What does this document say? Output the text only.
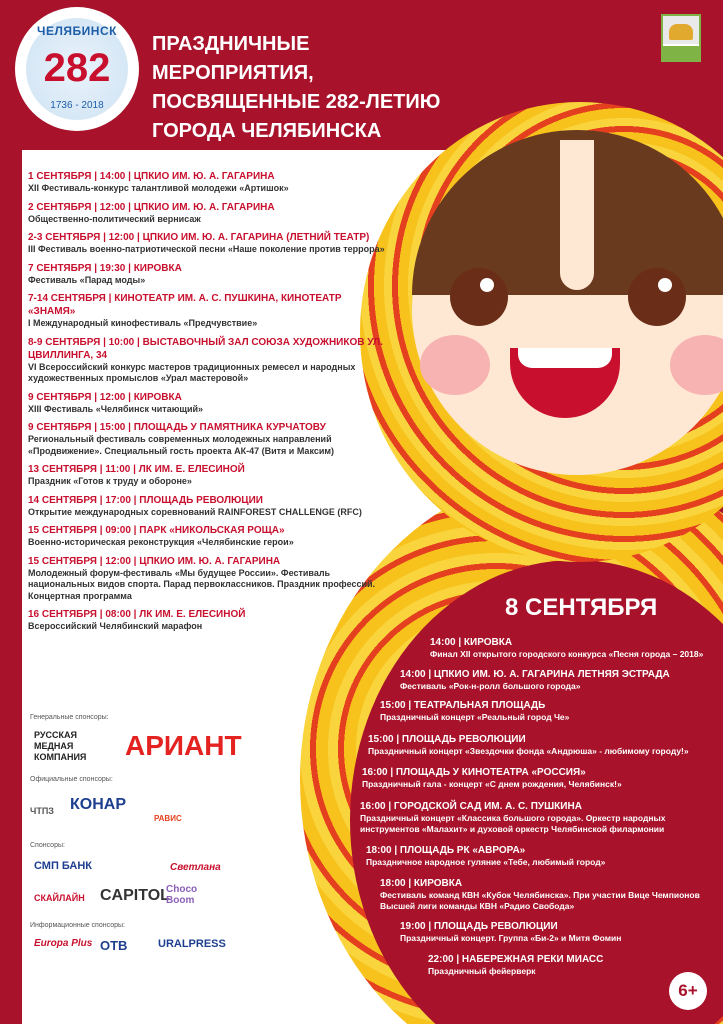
ЧЕЛЯБИНСК
282
1736 - 2018
ПРАЗДНИЧНЫЕ МЕРОПРИЯТИЯ,
ПОСВЯЩЕННЫЕ 282-ЛЕТИЮ
ГОРОДА ЧЕЛЯБИНСКА
1 СЕНТЯБРЯ | 14:00 | ЦПКИО ИМ. Ю. А. ГАГАРИНА
XII Фестиваль-конкурс талантливой молодежи «Артишок»
2 СЕНТЯБРЯ | 12:00 | ЦПКИО ИМ. Ю. А. ГАГАРИНА
Общественно-политический вернисаж
2-3 СЕНТЯБРЯ | 12:00 | ЦПКИО ИМ. Ю. А. ГАГАРИНА (ЛЕТНИЙ ТЕАТР)
III Фестиваль военно-патриотической песни «Наше поколение против террора»
7 СЕНТЯБРЯ | 19:30 | КИРОВКА
Фестиваль «Парад моды»
7-14 СЕНТЯБРЯ | КИНОТЕАТР ИМ. А. С. ПУШКИНА, КИНОТЕАТР «ЗНАМЯ»
I Международный кинофестиваль «Предчувствие»
8-9 СЕНТЯБРЯ | 10:00 | ВЫСТАВОЧНЫЙ ЗАЛ СОЮЗА ХУДОЖНИКОВ УЛ. ЦВИЛЛИНГА, 34
VI Всероссийский конкурс мастеров традиционных ремесел и народных художественных промыслов «Урал мастеровой»
9 СЕНТЯБРЯ | 12:00 | КИРОВКА
XIII Фестиваль «Челябинск читающий»
9 СЕНТЯБРЯ | 15:00 | ПЛОЩАДЬ У ПАМЯТНИКА КУРЧАТОВУ
Региональный фестиваль современных молодежных направлений «Продвижение». Специальный гость проекта АК-47 (Витя и Максим)
13 СЕНТЯБРЯ | 11:00 | ЛК ИМ. Е. ЕЛЕСИНОЙ
Праздник «Готов к труду и обороне»
14 СЕНТЯБРЯ | 17:00 | ПЛОЩАДЬ РЕВОЛЮЦИИ
Открытие международных соревнований RAINFOREST CHALLENGE (RFC)
15 СЕНТЯБРЯ | 09:00 | ПАРК «НИКОЛЬСКАЯ РОЩА»
Военно-историческая реконструкция «Челябинские герои»
15 СЕНТЯБРЯ | 12:00 | ЦПКИО ИМ. Ю. А. ГАГАРИНА
Молодежный форум-фестиваль «Мы будущее России». Фестиваль национальных видов спорта. Парад первоклассников. Праздник профессий. Концертная программа
16 СЕНТЯБРЯ | 08:00 | ЛК ИМ. Е. ЕЛЕСИНОЙ
Всероссийский Челябинский марафон
Генеральные спонсоры:
РУССКАЯ МЕДНАЯ КОМПАНИЯ	АРИАНТ
Официальные спонсоры:
ЧТПЗ КОНАР
РАВИС
Спонсоры:
СМП БАНК	Светлана
СКАЙЛАЙН CAPITOL
Choco Boom
Информационные спонсоры:
Europa Plus ОТВ	URALPRESS
8 СЕНТЯБРЯ
14:00 | КИРОВКА
Финал XII открытого городского конкурса «Песня города – 2018»
14:00 | ЦПКИО ИМ. Ю. А. ГАГАРИНА ЛЕТНЯЯ ЭСТРАДА
Фестиваль «Рок-н-ролл большого города»
15:00 | ТЕАТРАЛЬНАЯ ПЛОЩАДЬ
Праздничный концерт «Реальный город Че»
15:00 | ПЛОЩАДЬ РЕВОЛЮЦИИ
Праздничный концерт «Звездочки фонда «Андрюша» - любимому городу!»
16:00 | ПЛОЩАДЬ У КИНОТЕАТРА «РОССИЯ»
Праздничный гала - концерт «С днем рождения, Челябинск!»
16:00 | ГОРОДСКОЙ САД ИМ. А. С. ПУШКИНА
Праздничный концерт «Классика большого города». Оркестр народных инструментов «Малахит» и духовой оркестр Челябинской филармонии
18:00 | ПЛОЩАДЬ РК «АВРОРА»
Праздничное народное гуляние «Тебе, любимый город»
18:00 | КИРОВКА
Фестиваль команд КВН «Кубок Челябинска». При участии Вице Чемпионов Высшей лиги команды КВН «Радио Свобода»
19:00 | ПЛОЩАДЬ РЕВОЛЮЦИИ
Праздничный концерт. Группа «Би-2» и Митя Фомин
22:00 | НАБЕРЕЖНАЯ РЕКИ МИАСС
Праздничный фейерверк
6+
